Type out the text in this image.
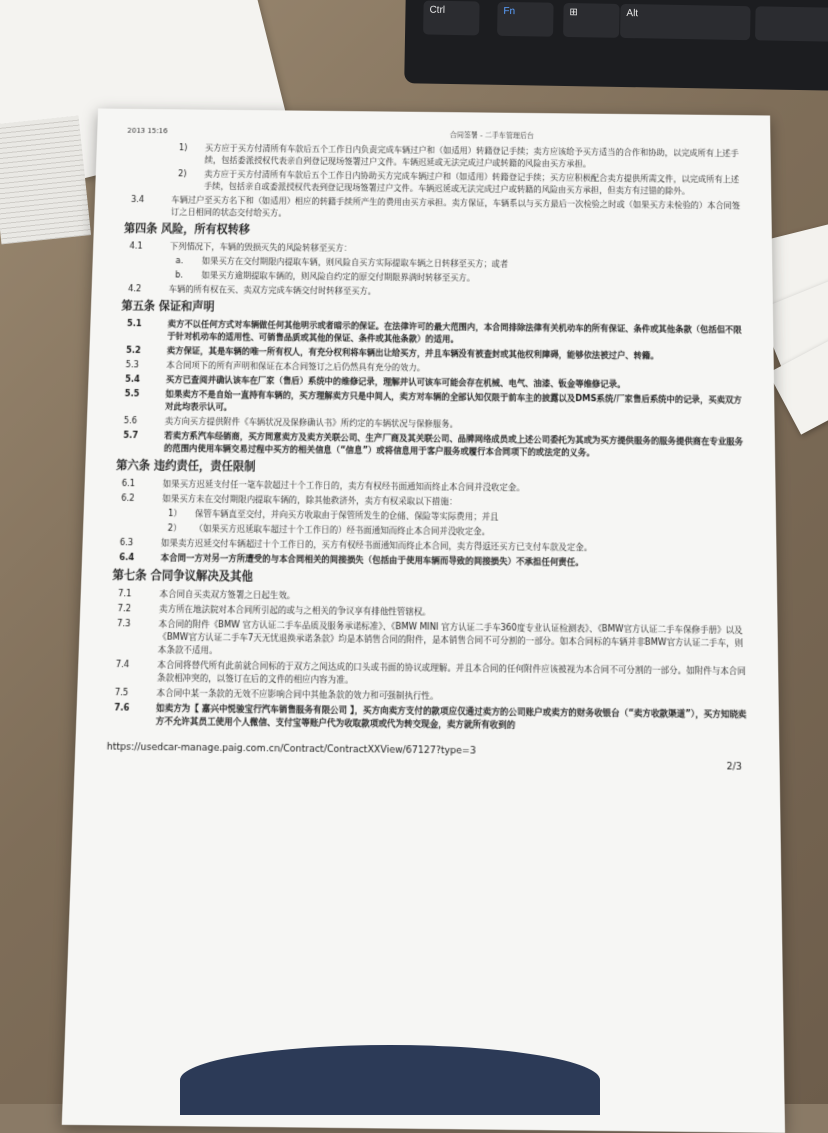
Ctrl	Fn	⊞	Alt
2013 15:16
合同签署 - 二手车管理后台
1) 买方应于买方付清所有车款后五个工作日内负责完成车辆过户和（如适用）转籍登记手续；卖方应该给予买方适当的合作和协助，以完成所有上述手续，包括委派授权代表亲自到登记现场签署过户文件。车辆迟延或无法完成过户或转籍的风险由买方承担。
2) 卖方应于买方付清所有车款后五个工作日内协助买方完成车辆过户和（如适用）转籍登记手续；买方应积极配合卖方提供所需文件，以完成所有上述手续，包括亲自或委派授权代表到登记现场签署过户文件。车辆迟延或无法完成过户或转籍的风险由买方承担，但卖方有过错的除外。
3.4	车辆过户至买方名下和（如适用）相应的转籍手续所产生的费用由买方承担。卖方保证，车辆系以与买方最后一次检验之时或（如果买方未检验的）本合同签订之日相同的状态交付给买方。
第四条 风险，所有权转移
4.1	下列情况下，车辆的毁损灭失的风险转移至买方：
a. 如果买方在交付期限内提取车辆，则风险自买方实际提取车辆之日转移至买方；或者
b. 如果买方逾期提取车辆的，则风险自约定的原交付期限界满时转移至买方。
4.2	车辆的所有权在买、卖双方完成车辆交付时转移至买方。
第五条 保证和声明
5.1	卖方不以任何方式对车辆做任何其他明示或者暗示的保证。在法律许可的最大范围内，本合同排除法律有关机动车的所有保证、条件或其他条款（包括但不限于针对机动车的适用性、可销售品质或其他的保证、条件或其他条款）的适用。
5.2	卖方保证，其是车辆的唯一所有权人，有充分权利将车辆出让给买方，并且车辆没有被查封或其他权利障碍，能够依法被过户、转籍。
5.3	本合同项下的所有声明和保证在本合同签订之后仍然具有充分的效力。
5.4	买方已查阅并确认该车在厂家（售后）系统中的维修记录，理解并认可该车可能会存在机械、电气、油漆、钣金等维修记录。
5.5	如果卖方不是自始一直持有车辆的，买方理解卖方只是中间人，卖方对车辆的全部认知仅限于前车主的披露以及DMS系统/厂家售后系统中的记录，买卖双方对此均表示认可。
5.6	卖方向买方提供附件《车辆状况及保修确认书》所约定的车辆状况与保修服务。
5.7	若卖方系汽车经销商，买方同意卖方及卖方关联公司、生产厂商及其关联公司、品牌网络成员或上述公司委托为其或为买方提供服务的服务提供商在专业服务的范围内使用车辆交易过程中买方的相关信息（“信息”）或将信息用于客户服务或履行本合同项下的或法定的义务。
第六条 违约责任，责任限制
6.1	如果买方迟延支付任一笔车款超过十个工作日的，卖方有权经书面通知而终止本合同并没收定金。
6.2	如果买方未在交付期限内提取车辆的，除其他救济外，卖方有权采取以下措施：
1） 保管车辆直至交付，并向买方收取由于保管所发生的仓储、保险等实际费用；并且
2） （如果买方迟延取车超过十个工作日的）经书面通知而终止本合同并没收定金。
6.3	如果卖方迟延交付车辆超过十个工作日的，买方有权经书面通知而终止本合同，卖方得返还买方已支付车款及定金。
6.4	本合同一方对另一方所遭受的与本合同相关的间接损失（包括由于使用车辆而导致的间接损失）不承担任何责任。
第七条 合同争议解决及其他
7.1	本合同自买卖双方签署之日起生效。
7.2	卖方所在地法院对本合同所引起的或与之相关的争议享有排他性管辖权。
7.3	本合同的附件《BMW 官方认证二手车品质及服务承诺标准》、《BMW MINI 官方认证二手车360度专业认证检测表》、《BMW官方认证二手车保修手册》以及《BMW官方认证二手车7天无忧退换承诺条款》均是本销售合同的附件，是本销售合同不可分割的一部分。如本合同标的车辆并非BMW官方认证二手车，则本条款不适用。
7.4	本合同将替代所有此前就合同标的于双方之间达成的口头或书面的协议或理解。并且本合同的任何附件应该被视为本合同不可分割的一部分。如附件与本合同条款相冲突的，以签订在后的文件的相应内容为准。
7.5	本合同中某一条款的无效不应影响合同中其他条款的效力和可强制执行性。
7.6	如卖方为【 嘉兴中悦骏宝行汽车销售服务有限公司 】，买方向卖方支付的款项应仅通过卖方的公司账户或卖方的财务收银台（“卖方收款渠道”），买方知晓卖方不允许其员工使用个人微信、支付宝等账户代为收取款项或代为转交现金，卖方就所有收到的
https://usedcar-manage.paig.com.cn/Contract/ContractXXView/67127?type=3
2/3
